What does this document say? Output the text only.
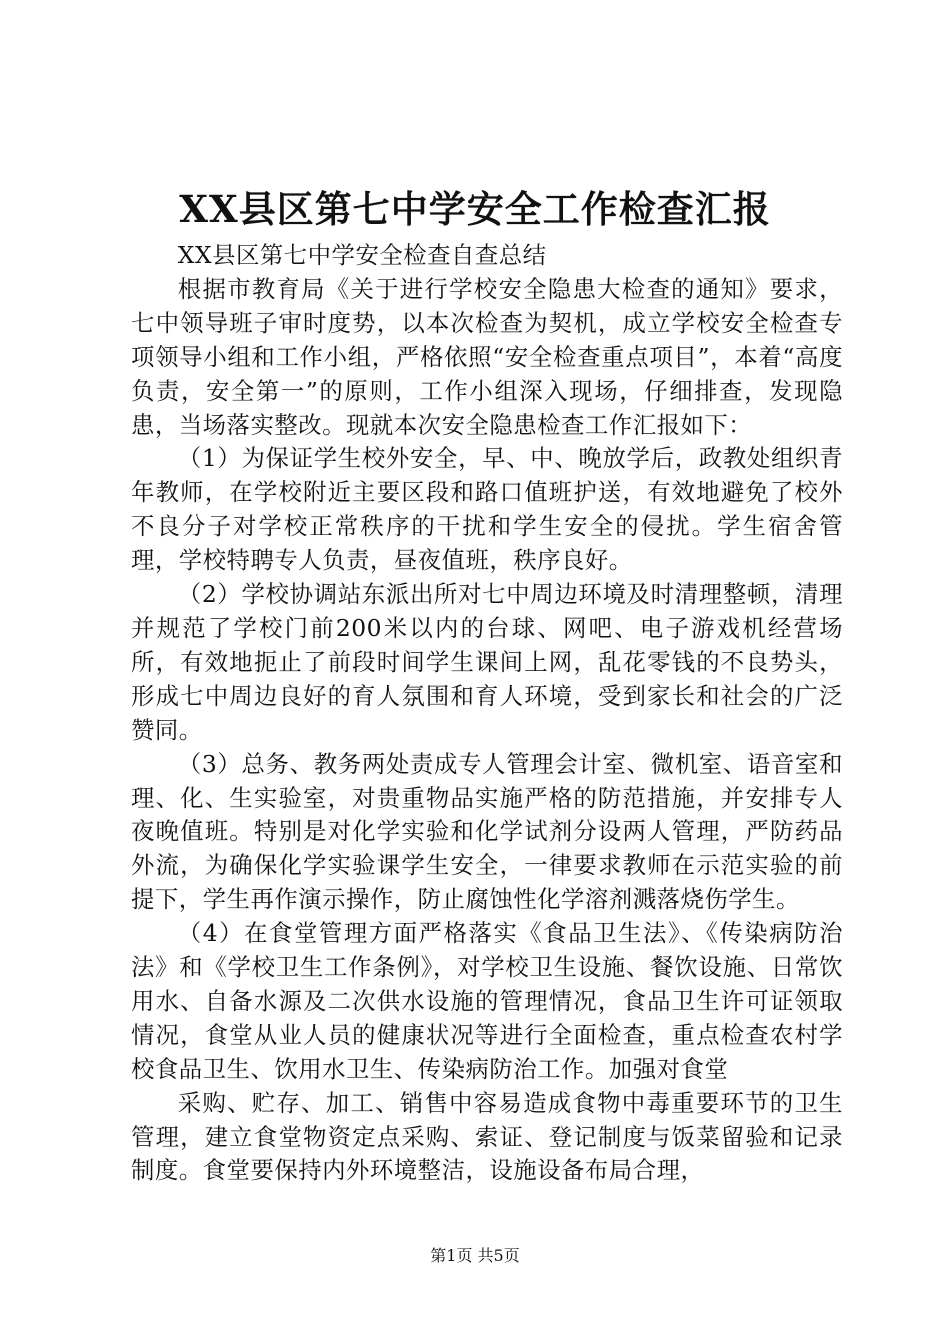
XX县区第七中学安全工作检查汇报

XX县区第七中学安全检查自查总结

根据市教育局《关于进行学校安全隐患大检查的通知》要求，七中领导班子审时度势，以本次检查为契机，成立学校安全检查专项领导小组和工作小组，严格依照“安全检查重点项目”，本着“高度负责，安全第一”的原则，工作小组深入现场，仔细排查，发现隐患，当场落实整改。现就本次安全隐患检查工作汇报如下：

（1）为保证学生校外安全，早、中、晚放学后，政教处组织青年教师，在学校附近主要区段和路口值班护送，有效地避免了校外不良分子对学校正常秩序的干扰和学生安全的侵扰。学生宿舍管理，学校特聘专人负责，昼夜值班，秩序良好。

（2）学校协调站东派出所对七中周边环境及时清理整顿，清理并规范了学校门前200米以内的台球、网吧、电子游戏机经营场所，有效地扼止了前段时间学生课间上网，乱花零钱的不良势头，形成七中周边良好的育人氛围和育人环境，受到家长和社会的广泛赞同。

（3）总务、教务两处责成专人管理会计室、微机室、语音室和理、化、生实验室，对贵重物品实施严格的防范措施，并安排专人夜晚值班。特别是对化学实验和化学试剂分设两人管理，严防药品外流，为确保化学实验课学生安全，一律要求教师在示范实验的前提下，学生再作演示操作，防止腐蚀性化学溶剂溅落烧伤学生。

（4）在食堂管理方面严格落实《食品卫生法》、《传染病防治法》和《学校卫生工作条例》，对学校卫生设施、餐饮设施、日常饮用水、自备水源及二次供水设施的管理情况，食品卫生许可证领取情况，食堂从业人员的健康状况等进行全面检查，重点检查农村学校食品卫生、饮用水卫生、传染病防治工作。加强对食堂

采购、贮存、加工、销售中容易造成食物中毒重要环节的卫生管理，建立食堂物资定点采购、索证、登记制度与饭菜留验和记录制度。食堂要保持内外环境整洁，设施设备布局合理，

第1页 共5页
